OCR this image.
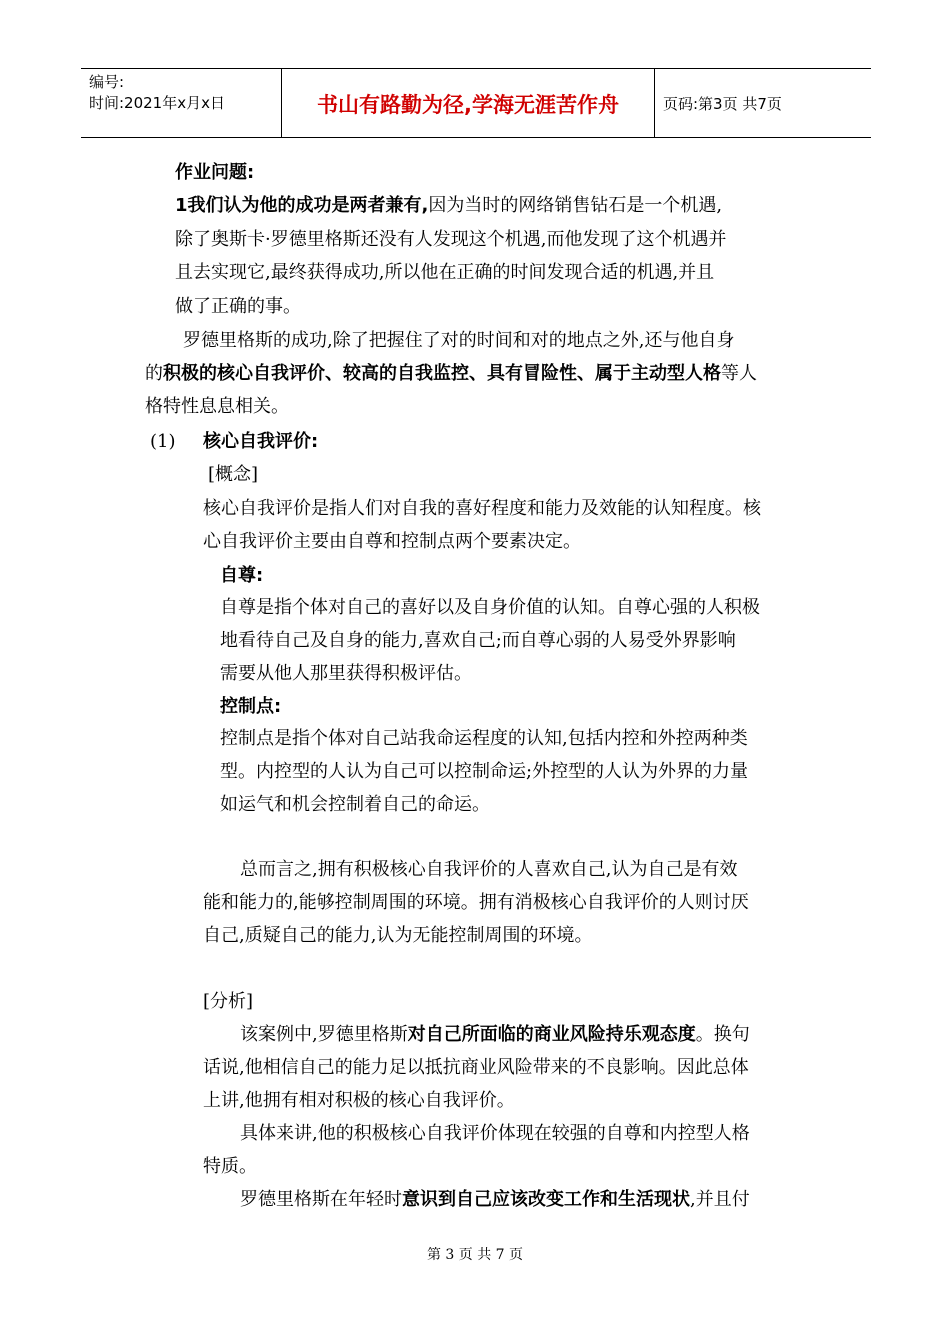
编号:
时间:2021年x月x日	书山有路勤为径,学海无涯苦作舟	页码:第3页 共7页
作业问题:
1我们认为他的成功是两者兼有,因为当时的网络销售钻石是一个机遇,
除了奥斯卡·罗德里格斯还没有人发现这个机遇,而他发现了这个机遇并
且去实现它,最终获得成功,所以他在正确的时间发现合适的机遇,并且
做了正确的事。
罗德里格斯的成功,除了把握住了对的时间和对的地点之外,还与他自身
的积极的核心自我评价、较高的自我监控、具有冒险性、属于主动型人格等人
格特性息息相关。
(1) 核心自我评价:
[概念]
核心自我评价是指人们对自我的喜好程度和能力及效能的认知程度。核
心自我评价主要由自尊和控制点两个要素决定。
自尊:
自尊是指个体对自己的喜好以及自身价值的认知。自尊心强的人积极
地看待自己及自身的能力,喜欢自己;而自尊心弱的人易受外界影响
需要从他人那里获得积极评估。
控制点:
控制点是指个体对自己站我命运程度的认知,包括内控和外控两种类
型。内控型的人认为自己可以控制命运;外控型的人认为外界的力量
如运气和机会控制着自己的命运。
总而言之,拥有积极核心自我评价的人喜欢自己,认为自己是有效
能和能力的,能够控制周围的环境。拥有消极核心自我评价的人则讨厌
自己,质疑自己的能力,认为无能控制周围的环境。
[分析]
该案例中,罗德里格斯对自己所面临的商业风险持乐观态度。换句
话说,他相信自己的能力足以抵抗商业风险带来的不良影响。因此总体
上讲,他拥有相对积极的核心自我评价。
具体来讲,他的积极核心自我评价体现在较强的自尊和内控型人格
特质。
罗德里格斯在年轻时意识到自己应该改变工作和生活现状,并且付
第 3 页 共 7 页
